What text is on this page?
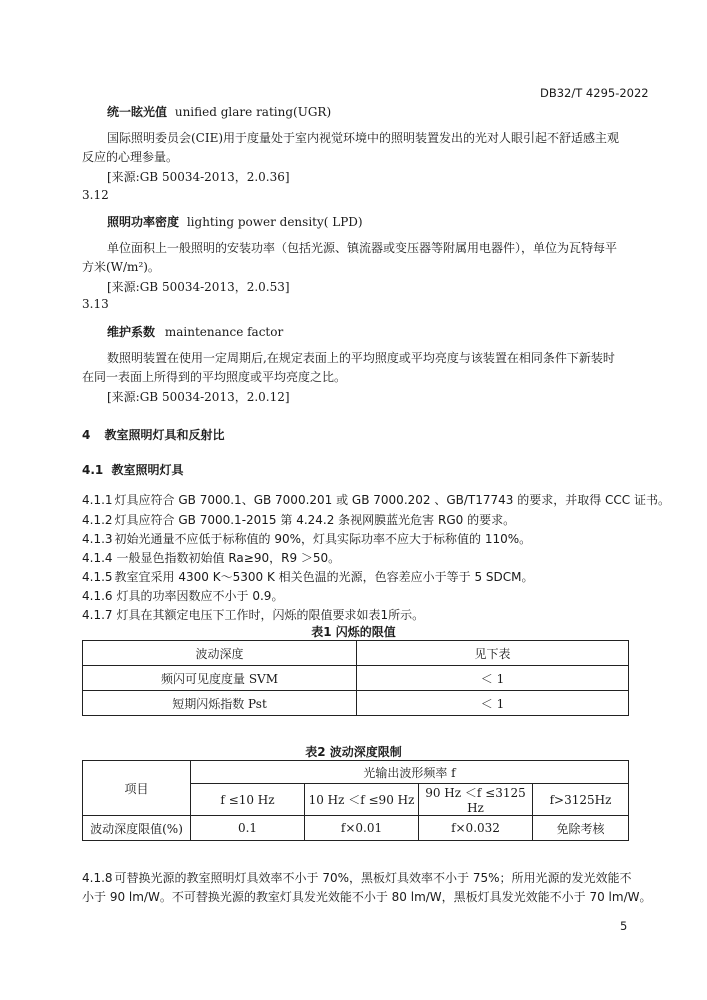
DB32/T 4295-2022
统一眩光值 unified glare rating(UGR)
国际照明委员会(CIE)用于度量处于室内视觉环境中的照明装置发出的光对人眼引起不舒适感主观
反应的心理参量。
[来源:GB 50034-2013，2.0.36]
3.12
照明功率密度 lighting power density( LPD)
单位面积上一般照明的安装功率（包括光源、镇流器或变压器等附属用电器件），单位为瓦特每平
方米(W/m²)。
[来源:GB 50034-2013，2.0.53]
3.13
维护系数 maintenance factor
数照明装置在使用一定周期后,在规定表面上的平均照度或平均亮度与该装置在相同条件下新装时
在同一表面上所得到的平均照度或平均亮度之比。
[来源:GB 50034-2013，2.0.12]
4 教室照明灯具和反射比
4.1 教室照明灯具
4.1.1 灯具应符合 GB 7000.1、GB 7000.201 或 GB 7000.202 、GB/T17743 的要求，并取得 CCC 证书。
4.1.2 灯具应符合 GB 7000.1-2015 第 4.24.2 条视网膜蓝光危害 RG0 的要求。
4.1.3 初始光通量不应低于标称值的 90%，灯具实际功率不应大于标称值的 110%。
4.1.4 一般显色指数初始值 Ra≥90，R9 ＞50。
4.1.5 教室宜采用 4300 K～5300 K 相关色温的光源，色容差应小于等于 5 SDCM。
4.1.6 灯具的功率因数应不小于 0.9。
4.1.7 灯具在其额定电压下工作时，闪烁的限值要求如表1所示。
表1 闪烁的限值
波动深度	见下表
频闪可见度度量 SVM	＜ 1
短期闪烁指数 Pst	＜ 1
表2 波动深度限制
项目	光输出波形频率 f			
	f ≤10 Hz	10 Hz ＜f ≤90 Hz	90 Hz ＜f ≤3125 Hz	f>3125Hz
波动深度限值(%)	0.1	f×0.01	f×0.032	免除考核
4.1.8 可替换光源的教室照明灯具效率不小于 70%，黑板灯具效率不小于 75%；所用光源的发光效能不
小于 90 lm/W。不可替换光源的教室灯具发光效能不小于 80 lm/W，黑板灯具发光效能不小于 70 lm/W。
5
